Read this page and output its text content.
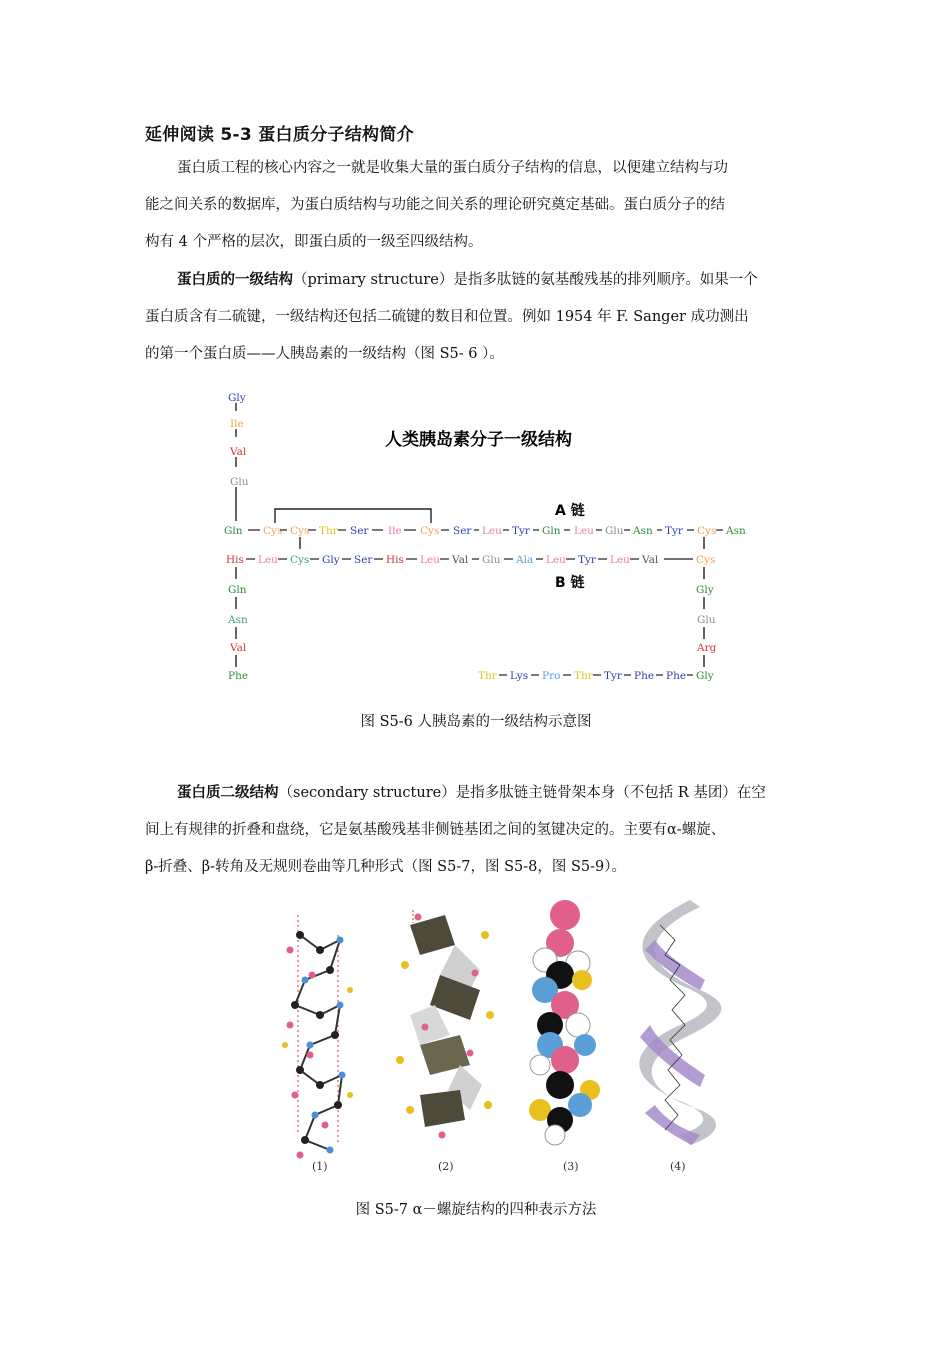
延伸阅读 5-3 蛋白质分子结构简介
蛋白质工程的核心内容之一就是收集大量的蛋白质分子结构的信息，以便建立结构与功
能之间关系的数据库，为蛋白质结构与功能之间关系的理论研究奠定基础。蛋白质分子的结
构有 4 个严格的层次，即蛋白质的一级至四级结构。
蛋白质的一级结构（primary structure）是指多肽链的氨基酸残基的排列顺序。如果一个
蛋白质含有二硫键，一级结构还包括二硫键的数目和位置。例如 1954 年 F. Sanger 成功测出
的第一个蛋白质——人胰岛素的一级结构（图 S5- 6 ）。
人类胰岛素分子一级结构
A 链
B 链
Gly
Ile
Val
Glu
Gln Cys Cys Thr Ser Ile Cys Ser Leu Tyr Gln Leu Glu Asn Tyr Cys Asn
His Leu Cys Gly Ser His Leu Val Glu Ala Leu Tyr Leu Val	Cys
Gln
Asn
Val
Phe
Gly
Glu
Arg
Thr Lys Pro Thr Tyr Phe Phe Gly
图 S5-6 人胰岛素的一级结构示意图
蛋白质二级结构（secondary structure）是指多肽链主链骨架本身（不包括 R 基团）在空
间上有规律的折叠和盘绕，它是氨基酸残基非侧链基团之间的氢键决定的。主要有α-螺旋、
β-折叠、β-转角及无规则卷曲等几种形式（图 S5-7，图 S5-8，图 S5-9）。
(1)	(2)	(3)	(4)
图 S5-7 α－螺旋结构的四种表示方法
